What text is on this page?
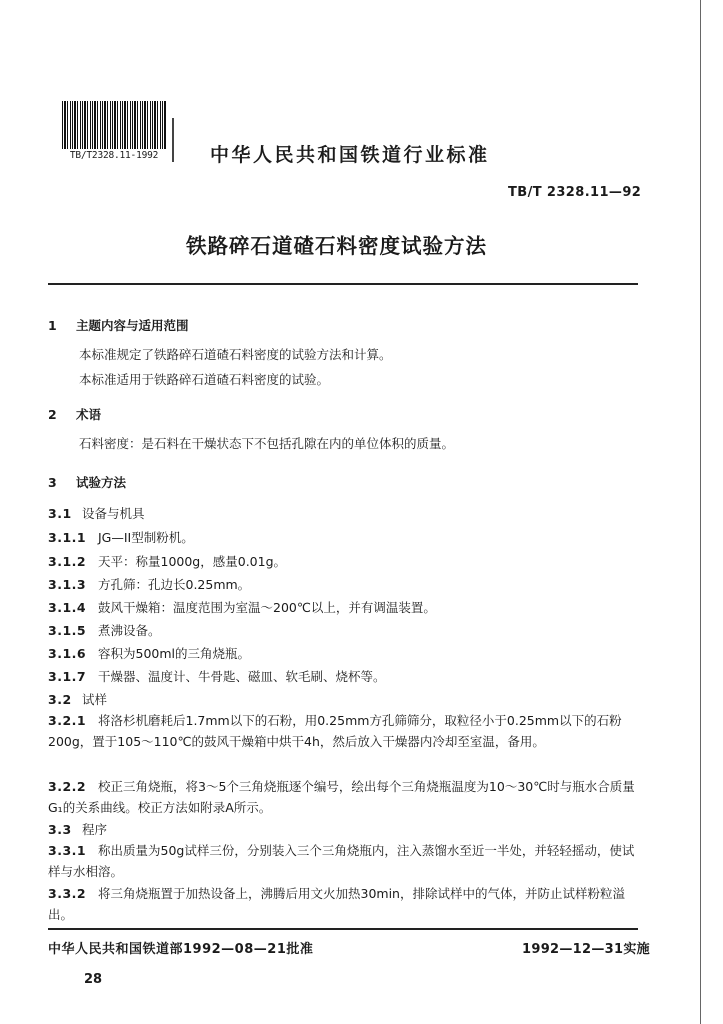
TB/T2328.11-1992	中华人民共和国铁道行业标准
TB/T 2328.11—92
铁路碎石道碴石料密度试验方法
1 主题内容与适用范围
本标准规定了铁路碎石道碴石料密度的试验方法和计算。
本标准适用于铁路碎石道碴石料密度的试验。
2 术语
石料密度：是石料在干燥状态下不包括孔隙在内的单位体积的质量。
3 试验方法
3.1 设备与机具
3.1.1 JG—II型制粉机。
3.1.2 天平：称量1000g，感量0.01g。
3.1.3 方孔筛：孔边长0.25mm。
3.1.4 鼓风干燥箱：温度范围为室温～200℃以上，并有调温装置。
3.1.5 煮沸设备。
3.1.6 容积为500ml的三角烧瓶。
3.1.7 干燥器、温度计、牛骨匙、磁皿、软毛刷、烧杯等。
3.2 试样
3.2.1 将洛杉机磨耗后1.7mm以下的石粉，用0.25mm方孔筛筛分，取粒径小于0.25mm以下的石粉200g，置于105～110℃的鼓风干燥箱中烘干4h，然后放入干燥器内冷却至室温，备用。
3.2.2 校正三角烧瓶，将3～5个三角烧瓶逐个编号，绘出每个三角烧瓶温度为10～30℃时与瓶水合质量G₁的关系曲线。校正方法如附录A所示。
3.3 程序
3.3.1 称出质量为50g试样三份，分别装入三个三角烧瓶内，注入蒸馏水至近一半处，并轻轻摇动，使试样与水相溶。
3.3.2 将三角烧瓶置于加热设备上，沸腾后用文火加热30min，排除试样中的气体，并防止试样粉粒溢出。
中华人民共和国铁道部1992—08—21批准	1992—12—31实施
28
